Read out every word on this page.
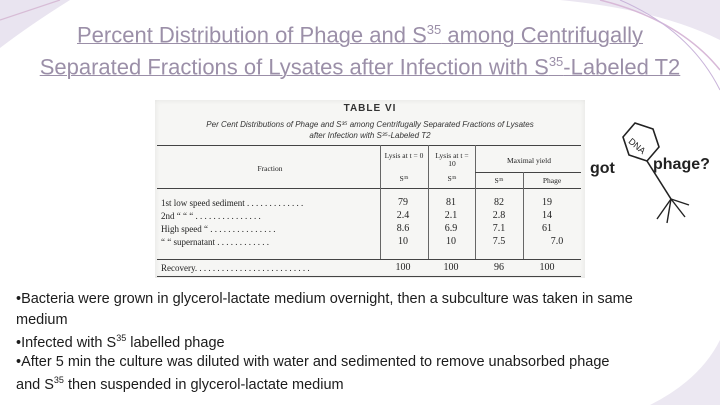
Percent Distribution of Phage and $S^{35}$ among Centrifugally
Separated Fractions of Lysates after Infection with $S^{35}$-Labeled T2
TABLE VI
Per Cent Distributions of Phage and S³⁵ among Centrifugally Separated Fractions of Lysates
after Infection with S³⁵-Labeled T2
Fraction
Lysis at t = 0	Lysis at t = 10	Maximal yield
S³⁵	S³⁵	S³⁵	Phage
1st low speed sediment . . . . . . . . . . . . .	79	81	82	19
2nd “ “ “ . . . . . . . . . . . . . . .	2.4	2.1	2.8	14
High speed “ . . . . . . . . . . . . . . .	8.6	6.9	7.1	61
“ “ supernatant . . . . . . . . . . . .	10	10	7.5	7.0
Recovery. . . . . . . . . . . . . . . . . . . . . . . . . .	100	100	96	100
DNA
got phage?
•Bacteria were grown in glycerol-lactate medium overnight, then a subculture was taken in same
medium
•Infected with $S^{35}$ labelled phage
•After 5 min the culture was diluted with water and sedimented to remove unabsorbed phage
and $S^{35}$ then suspended in glycerol-lactate medium
